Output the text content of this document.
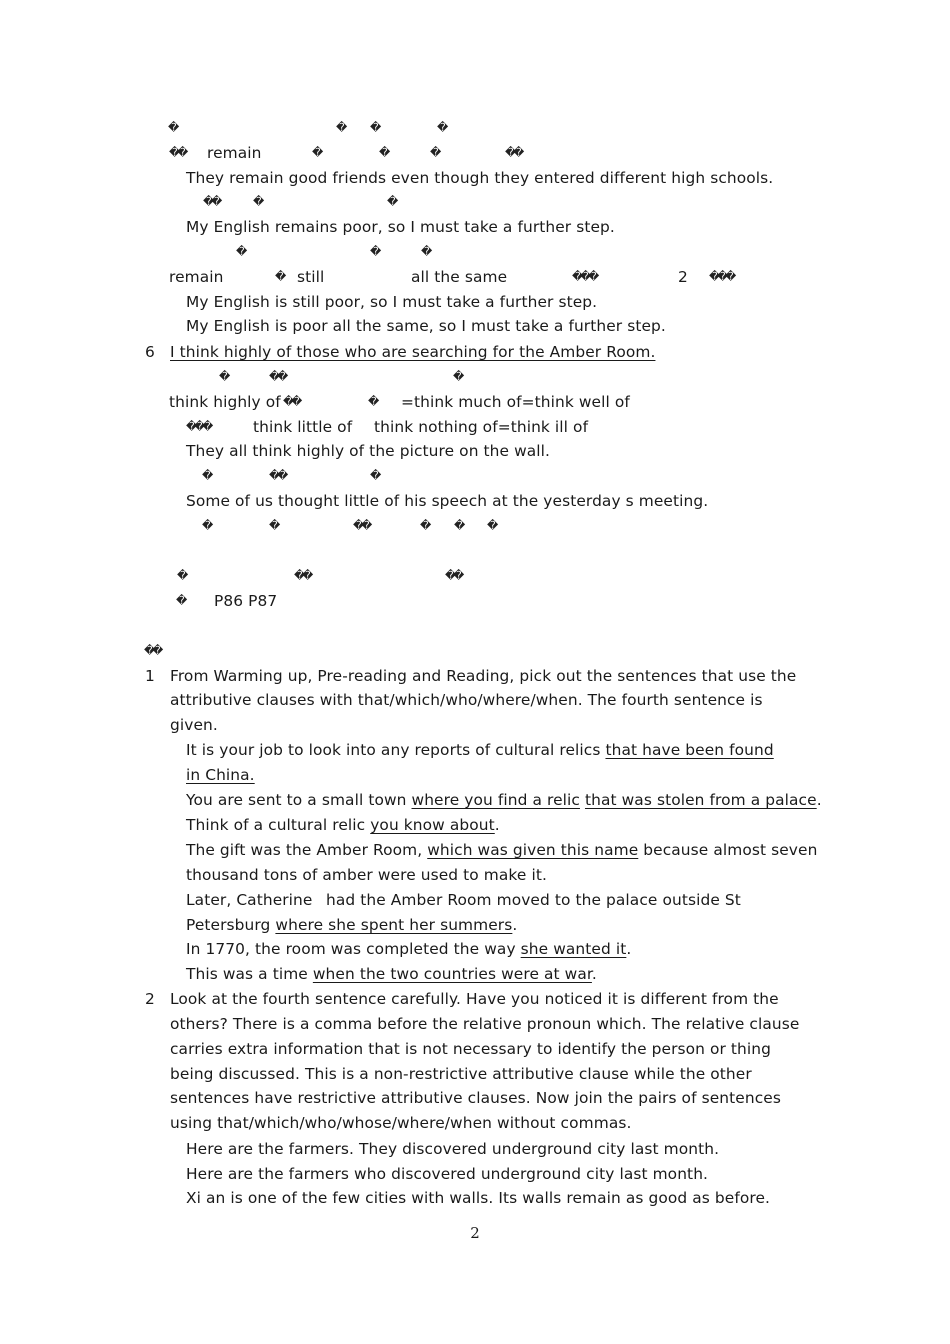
�	� �	�
�
� remain	�	�	�	�
�
They remain good friends even though they entered different high schools.
�
�	�	�
My English remains poor, so I must take a further step.
�	�	�
remain	� still	all the same	�
�
�	2 �
�
�
My English is still poor, so I must take a further step.
My English is poor all the same, so I must take a further step.
6 I think highly of those who are searching for the Amber Room.
�	�
�	�
think highly of �
�	� =think much of=think well of
�
�
�	think little of think nothing of=think ill of
They all think highly of the picture on the wall.
�	�
�	�
Some of us thought little of his speech at the yesterday s meeting.
�	�	�
�	� � �
�	�
�	�
�
� P86 P87
�
�
1 From Warming up, Pre-reading and Reading, pick out the sentences that use the
attributive clauses with that/which/who/where/when. The fourth sentence is
given.
It is your job to look into any reports of cultural relics that have been found
in China.
You are sent to a small town where you find a relic that was stolen from a palace.
Think of a cultural relic you know about.
The gift was the Amber Room, which was given this name because almost seven
thousand tons of amber were used to make it.
Later, Catherine had the Amber Room moved to the palace outside St
Petersburg where she spent her summers.
In 1770, the room was completed the way she wanted it.
This was a time when the two countries were at war.
2 Look at the fourth sentence carefully. Have you noticed it is different from the
others? There is a comma before the relative pronoun which. The relative clause
carries extra information that is not necessary to identify the person or thing
being discussed. This is a non-restrictive attributive clause while the other
sentences have restrictive attributive clauses. Now join the pairs of sentences
using that/which/who/whose/where/when without commas.
Here are the farmers. They discovered underground city last month.
Here are the farmers who discovered underground city last month.
Xi an is one of the few cities with walls. Its walls remain as good as before.
2
